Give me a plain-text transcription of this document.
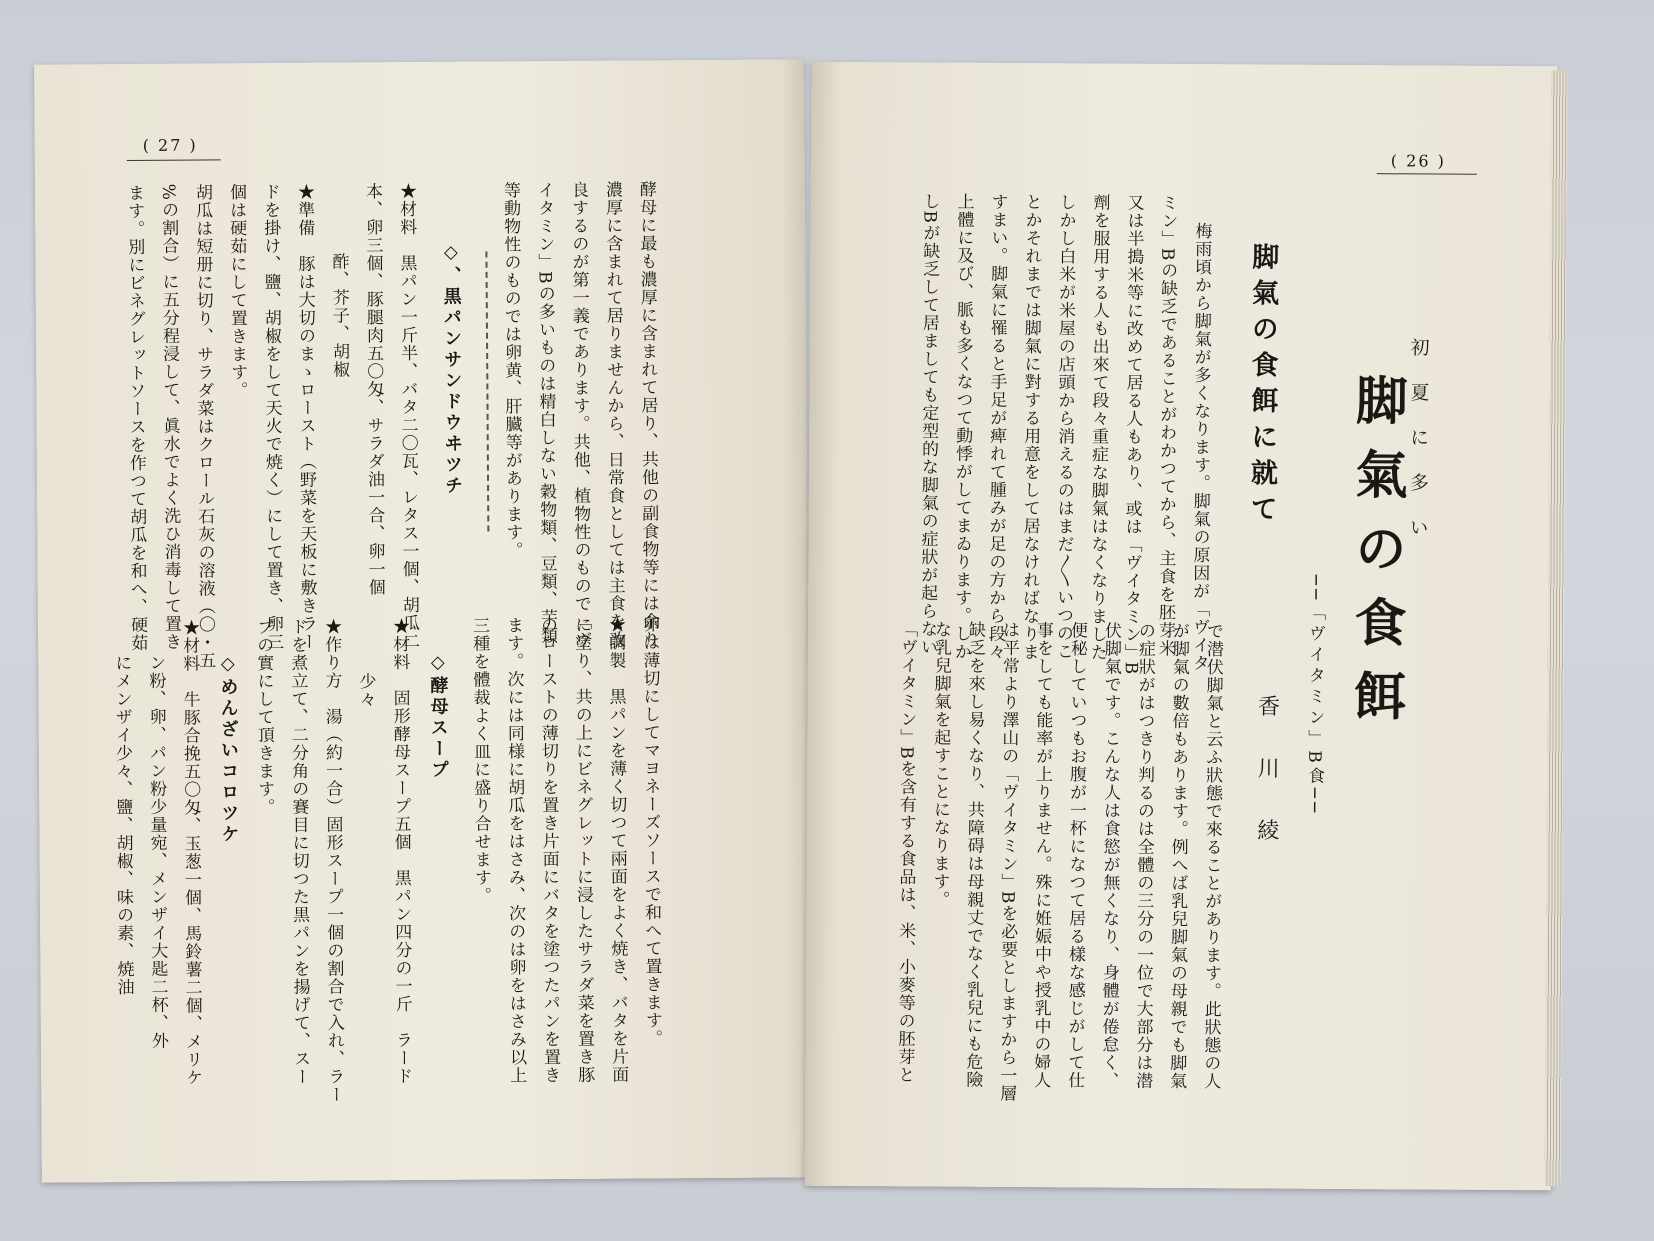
( 27 )
酵母に最も濃厚に含まれて居り、共他の副食物等には余り
濃厚に含まれて居りませんから、日常食としては主食を改
良するのが第一義であります。共他、植物性のもので「ヴ
イタミン」Bの多いものは精白しない穀物類、豆類、芋類
等動物性のものでは卵黄、肝臓等があります。
◇、黒パンサンドウヰツチ
★材料　黒パン一斤半、バタ二〇瓦、レタス一個、胡瓜二
本、卵三個、豚腿肉五〇匁、サラダ油一合、卵一個
酢、芥子、胡椒
★準備　豚は大切のまゝロースト（野菜を天板に敷きラー
ドを掛け、鹽、胡椒をして天火で焼く）にして置き、卵三
個は硬茹にして置きます。
胡瓜は短册に切り、サラダ菜はクロール石灰の溶液（〇・五
%の割合）に五分程浸して、眞水でよく洗ひ消毒して置き
ます。別にビネグレットソースを作つて胡瓜を和へ、硬茹
卵は薄切にしてマヨネーズソースで和へて置きます。
★調製　黒パンを薄く切つて兩面をよく焼き、バタを片面
に塗り、共の上にビネグレットに浸したサラダ菜を置き豚
のローストの薄切りを置き片面にバタを塗つたパンを置き
ます。次には同様に胡瓜をはさみ、次のは卵をはさみ以上
三種を體裁よく皿に盛り合せます。
◇酵母スープ
★材料　固形酵母スープ五個　黒パン四分の一斤　ラード
少々
★作り方　湯（約一合）固形スープ一個の割合で入れ、ラー
ドを煮立て、二分角の賽目に切つた黒パンを揚げて、スー
プの實にして頂きます。
◇めんざいコロツケ
★材料　牛豚合挽五〇匁、玉葱一個、馬鈴薯二個、メリケ
ン粉、卵、パン粉少量宛、メンザイ大匙二杯、外
にメンザイ少々、鹽、胡椒、味の素、焼油
( 26 )
梅雨頃から脚氣が多くなります。脚氣の原因が「ヴイタ
ミン」Bの缺乏であることがわかつてから、主食を胚芽米
又は半搗米等に改めて居る人もあり、或は「ヴイタミン」B
劑を服用する人も出來て段々重症な脚氣はなくなりました
しかし白米が米屋の店頭から消えるのはまだ〳〵いつのこ
とかそれまでは脚氣に對する用意をして居なければなりま
すまい。脚氣に罹ると手足が痺れて腫みが足の方から段々
上體に及び、脈も多くなつて動悸がしてまゐります。しか
しBが缺乏して居ましても定型的な脚氣の症狀が起らない	脚氣の食餌に就て	初夏に多い
脚氣の食餌
──「ヴイタミン」B食──
香川綾
で潜伏脚氣と云ふ狀態で來ることがあります。此狀態の人
が脚氣の數倍もあります。例へば乳兒脚氣の母親でも脚氣
の症狀がはつきり判るのは全體の三分の一位で大部分は潜
伏脚氣です。こんな人は食慾が無くなり、身體が倦怠く、
便秘していつもお腹が一杯になつて居る樣な感じがして仕
事をしても能率が上りません。殊に姙娠中や授乳中の婦人
は平常より澤山の「ヴイタミン」Bを必要としますから一層
缺乏を來し易くなり、共障碍は母親丈でなく乳兒にも危險
な乳兒脚氣を起すことになります。
「ヴイタミン」Bを含有する食品は、米、小麥等の胚芽と
